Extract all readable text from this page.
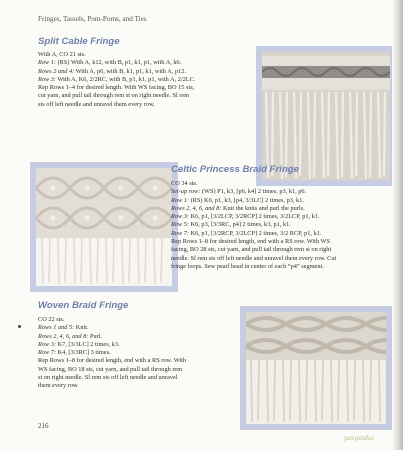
Fringes, Tassels, Pom-Poms, and Ties
Split Cable Fringe
With A, CO 21 sts.
Row 1: (RS) With A, k12, with B, p1, k1, p1, with A, k6.
Rows 2 and 4: With A, p6, with B, k1, p1, k1, with A, p12.
Row 3: With A, K6, 2/2RC, with B, p1, k1, p1, with A, 2/2LC.
Rep Rows 1–4 for desired length. With WS facing, BO 15 sts,
cut yarn, and pull tail through rem st on right needle. Sl rem
sts off left needle and unravel them every row.
Celtic Princess Braid Fringe
CO 34 sts.
Set-up row: (WS) P1, k3, [p6, k4] 2 times, p3, k1, p6.
Row 1: (RS) K6, p1, k3, [p4, 3/3LC] 2 times, p3, k1.
Rows 2, 4, 6, and 8: Knit the knits and purl the purls.
Row 3: K6, p1, [3/2LCP, 3/2RCP] 2 times, 3/2LCP, p1, k1.
Row 5: K6, p3, [3/3RC, p4] 2 times, k3, p1, k1.
Row 7: K6, p1, [3/2RCP, 3/2LCP] 2 times, 3/2 RCP, p1, k1.
Rep Rows 1–8 for desired length, end with a RS row. With WS
facing, BO 28 sts, cut yarn, and pull tail through rem st on right
needle. Sl rem sts off left needle and unravel them every row. Cut
fringe loops. Sew pearl bead in center of each “p4” segment.
Woven Braid Fringe
CO 22 sts.
Rows 1 and 5: Knit.
Rows 2, 4, 6, and 8: Purl.
Row 3: K7, [3/3LC] 2 times, k3.
Row 7: K4, [3/3RC] 3 times.
Rep Rows 1–8 for desired length, end with a RS row. With
WS facing, BO 18 sts, cut yarn, and pull tail through rem
st on right needle. Sl rem sts off left needle and unravel
them every row.
216
yazgasha
